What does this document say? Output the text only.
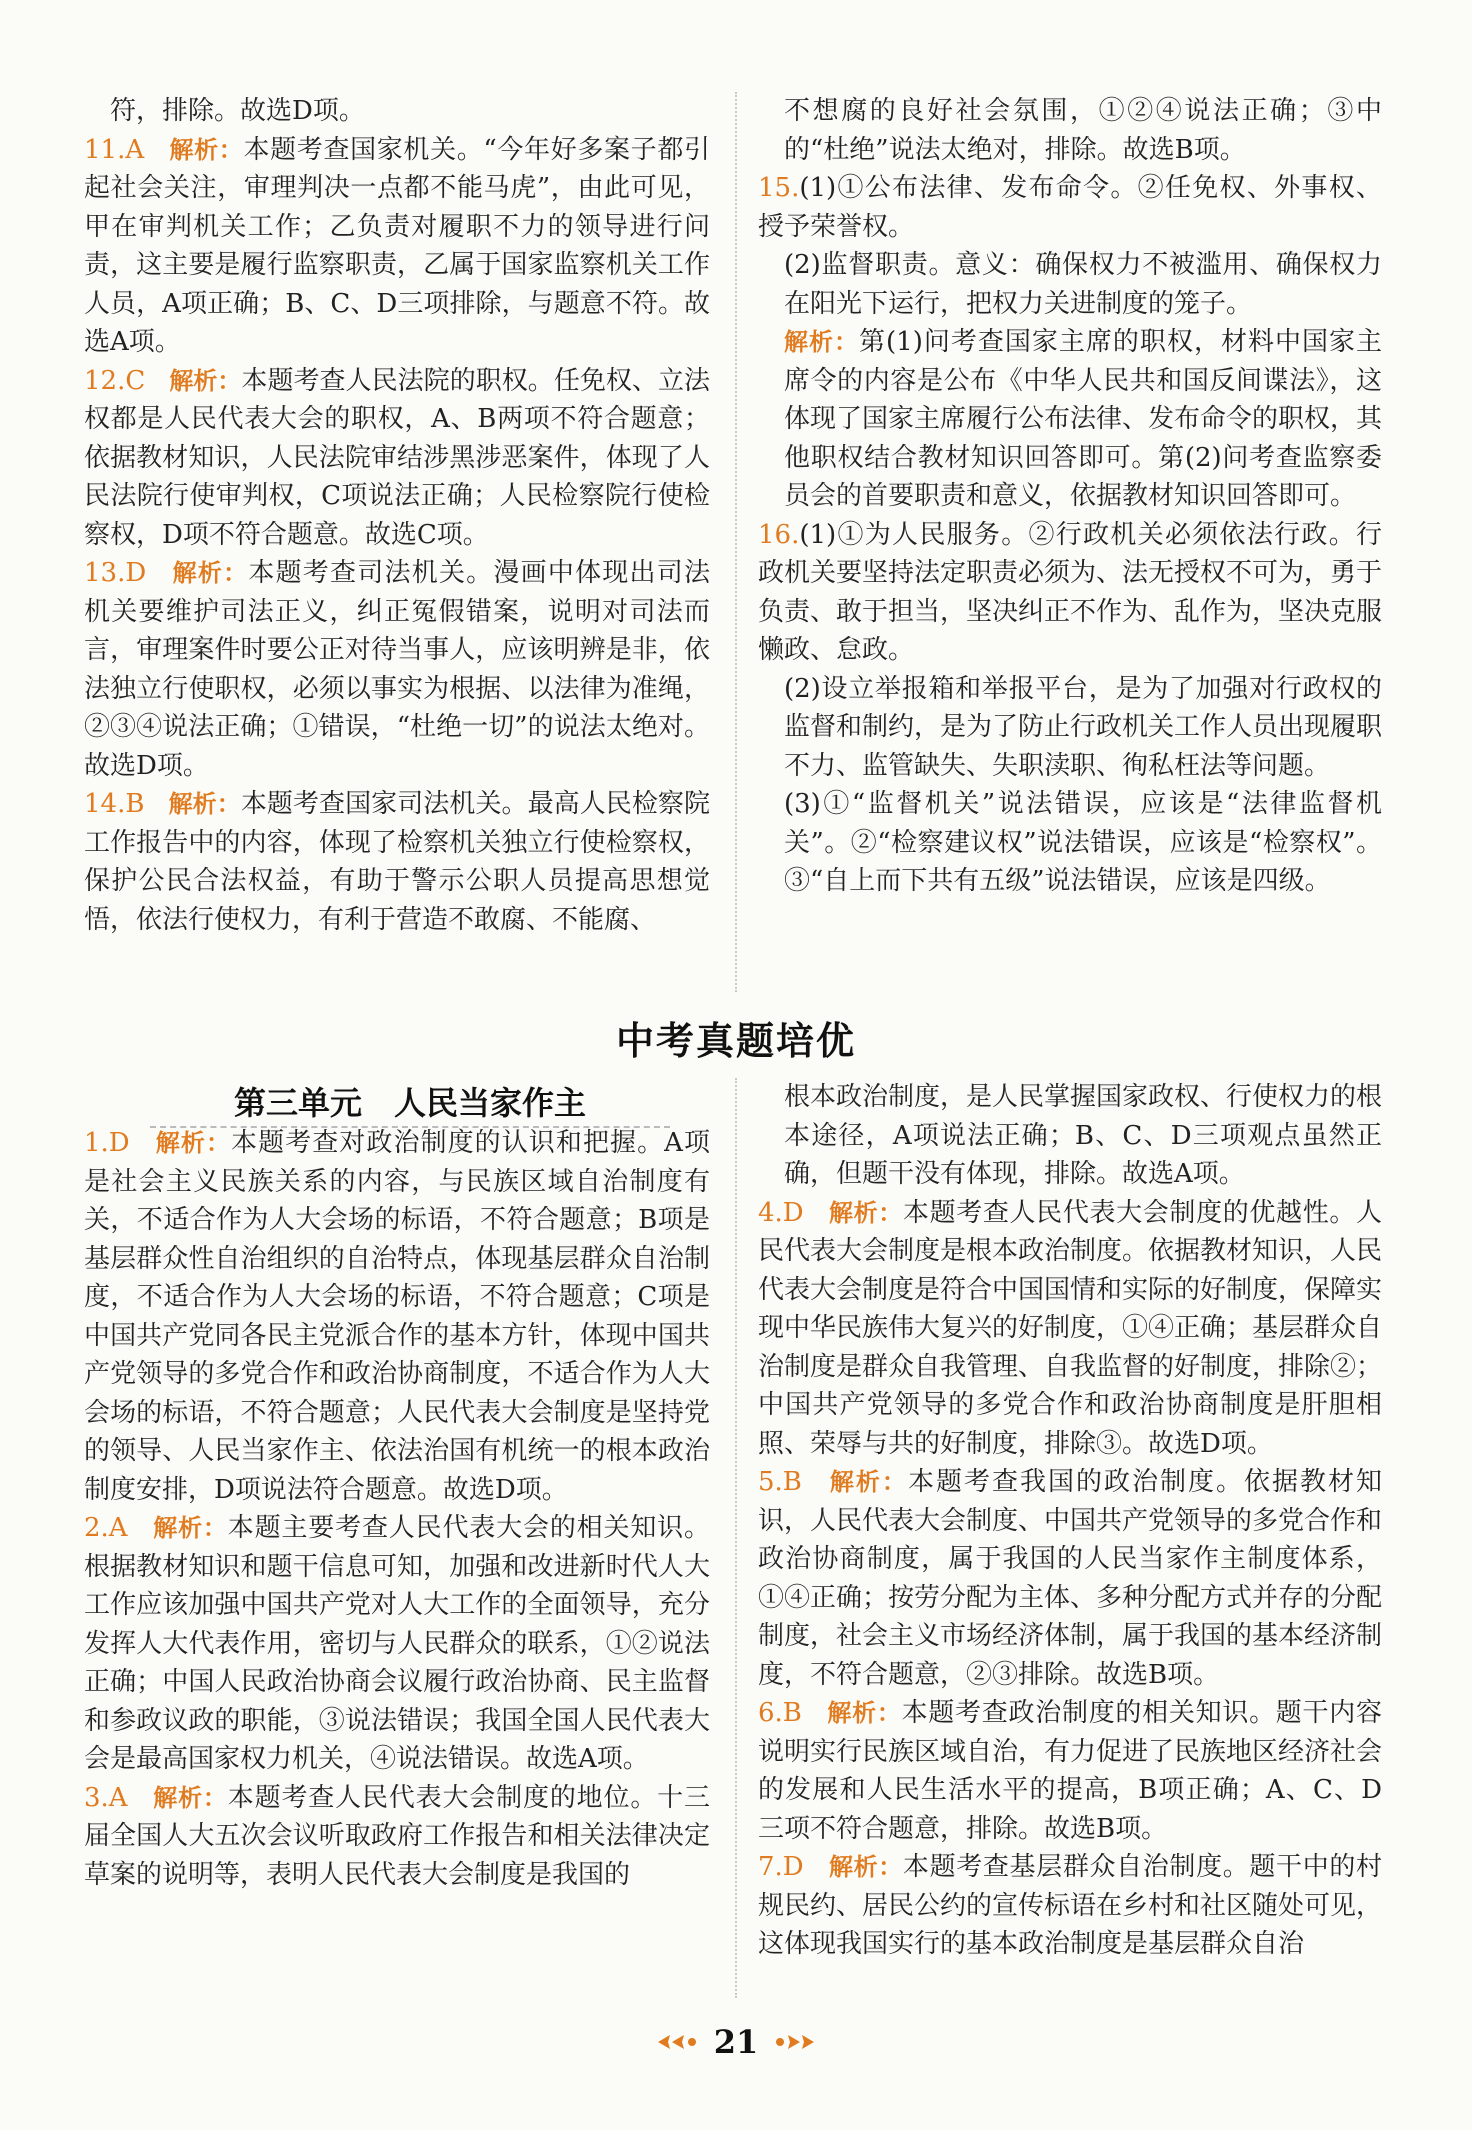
符，排除。故选D项。

11.A　解析：本题考查国家机关。“今年好多案子都引起社会关注，审理判决一点都不能马虎”，由此可见，甲在审判机关工作；乙负责对履职不力的领导进行问责，这主要是履行监察职责，乙属于国家监察机关工作人员，A项正确；B、C、D三项排除，与题意不符。故选A项。

12.C　解析：本题考查人民法院的职权。任免权、立法权都是人民代表大会的职权，A、B两项不符合题意；依据教材知识，人民法院审结涉黑涉恶案件，体现了人民法院行使审判权，C项说法正确；人民检察院行使检察权，D项不符合题意。故选C项。

13.D　解析：本题考查司法机关。漫画中体现出司法机关要维护司法正义，纠正冤假错案，说明对司法而言，审理案件时要公正对待当事人，应该明辨是非，依法独立行使职权，必须以事实为根据、以法律为准绳，②③④说法正确；①错误，“杜绝一切”的说法太绝对。故选D项。

14.B　解析：本题考查国家司法机关。最高人民检察院工作报告中的内容，体现了检察机关独立行使检察权，保护公民合法权益，有助于警示公职人员提高思想觉悟，依法行使权力，有利于营造不敢腐、不能腐、

不想腐的良好社会氛围，①②④说法正确；③中的“杜绝”说法太绝对，排除。故选B项。

15.(1)①公布法律、发布命令。②任免权、外事权、授予荣誉权。

(2)监督职责。意义：确保权力不被滥用、确保权力在阳光下运行，把权力关进制度的笼子。

解析：第(1)问考查国家主席的职权，材料中国家主席令的内容是公布《中华人民共和国反间谍法》，这体现了国家主席履行公布法律、发布命令的职权，其他职权结合教材知识回答即可。第(2)问考查监察委员会的首要职责和意义，依据教材知识回答即可。

16.(1)①为人民服务。②行政机关必须依法行政。行政机关要坚持法定职责必须为、法无授权不可为，勇于负责、敢于担当，坚决纠正不作为、乱作为，坚决克服懒政、怠政。

(2)设立举报箱和举报平台，是为了加强对行政权的监督和制约，是为了防止行政机关工作人员出现履职不力、监管缺失、失职渎职、徇私枉法等问题。

(3)①“监督机关”说法错误，应该是“法律监督机关”。②“检察建议权”说法错误，应该是“检察权”。③“自上而下共有五级”说法错误，应该是四级。

中考真题培优
第三单元　人民当家作主

1.D　解析：本题考查对政治制度的认识和把握。A项是社会主义民族关系的内容，与民族区域自治制度有关，不适合作为人大会场的标语，不符合题意；B项是基层群众性自治组织的自治特点，体现基层群众自治制度，不适合作为人大会场的标语，不符合题意；C项是中国共产党同各民主党派合作的基本方针，体现中国共产党领导的多党合作和政治协商制度，不适合作为人大会场的标语，不符合题意；人民代表大会制度是坚持党的领导、人民当家作主、依法治国有机统一的根本政治制度安排，D项说法符合题意。故选D项。

2.A　解析：本题主要考查人民代表大会的相关知识。根据教材知识和题干信息可知，加强和改进新时代人大工作应该加强中国共产党对人大工作的全面领导，充分发挥人大代表作用，密切与人民群众的联系，①②说法正确；中国人民政治协商会议履行政治协商、民主监督和参政议政的职能，③说法错误；我国全国人民代表大会是最高国家权力机关，④说法错误。故选A项。

3.A　解析：本题考查人民代表大会制度的地位。十三届全国人大五次会议听取政府工作报告和相关法律决定草案的说明等，表明人民代表大会制度是我国的

根本政治制度，是人民掌握国家政权、行使权力的根本途径，A项说法正确；B、C、D三项观点虽然正确，但题干没有体现，排除。故选A项。

4.D　解析：本题考查人民代表大会制度的优越性。人民代表大会制度是根本政治制度。依据教材知识，人民代表大会制度是符合中国国情和实际的好制度，保障实现中华民族伟大复兴的好制度，①④正确；基层群众自治制度是群众自我管理、自我监督的好制度，排除②；中国共产党领导的多党合作和政治协商制度是肝胆相照、荣辱与共的好制度，排除③。故选D项。

5.B　解析：本题考查我国的政治制度。依据教材知识，人民代表大会制度、中国共产党领导的多党合作和政治协商制度，属于我国的人民当家作主制度体系，①④正确；按劳分配为主体、多种分配方式并存的分配制度，社会主义市场经济体制，属于我国的基本经济制度，不符合题意，②③排除。故选B项。

6.B　解析：本题考查政治制度的相关知识。题干内容说明实行民族区域自治，有力促进了民族地区经济社会的发展和人民生活水平的提高，B项正确；A、C、D三项不符合题意，排除。故选B项。

7.D　解析：本题考查基层群众自治制度。题干中的村规民约、居民公约的宣传标语在乡村和社区随处可见，这体现我国实行的基本政治制度是基层群众自治

21
